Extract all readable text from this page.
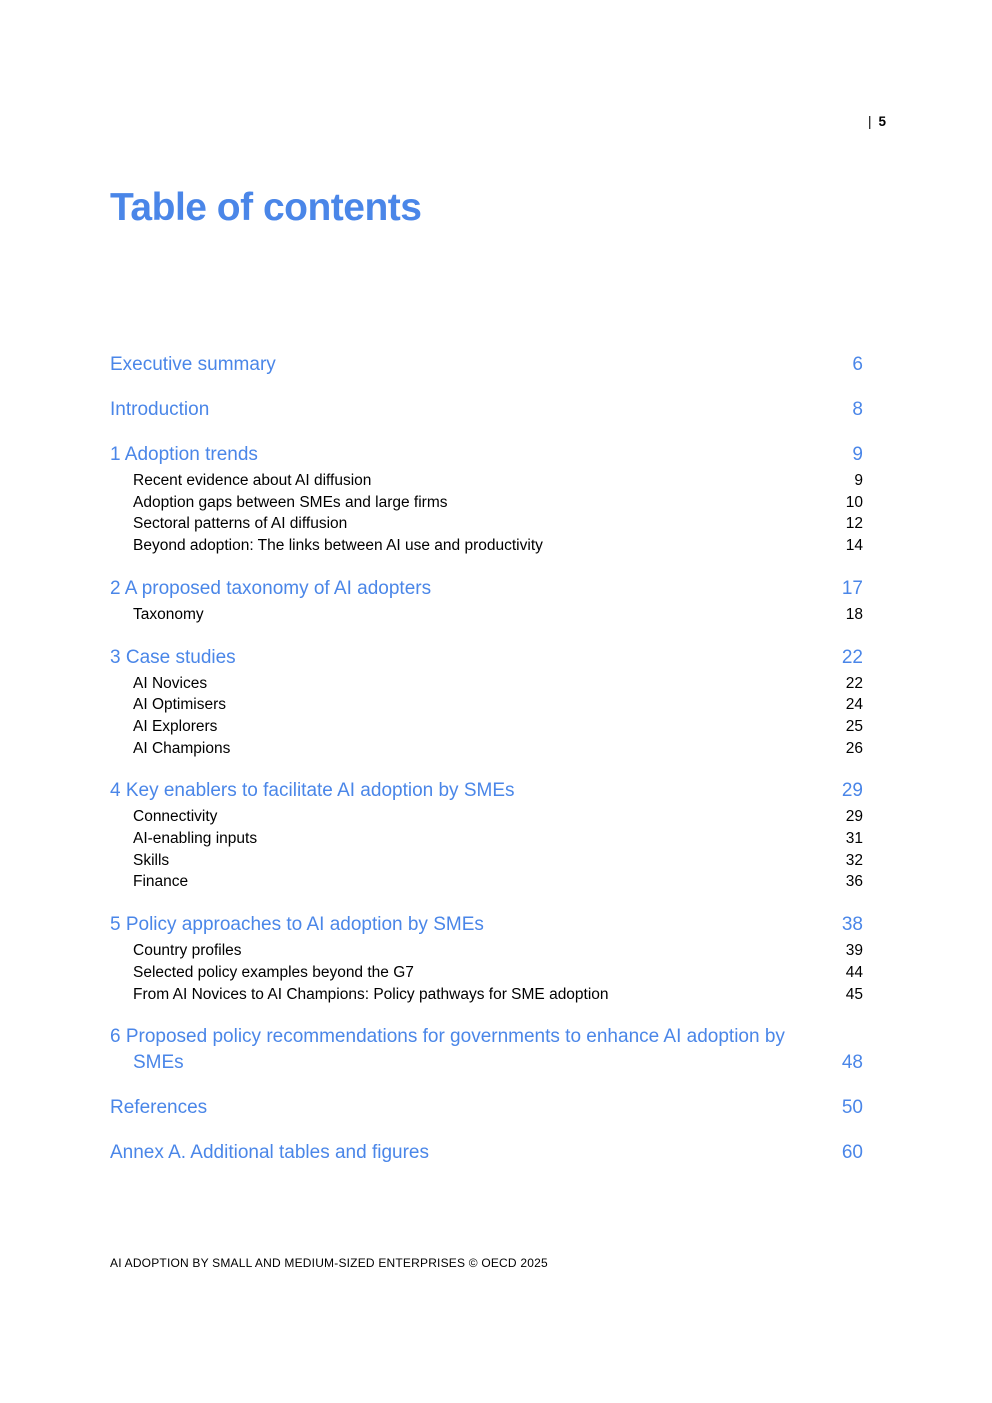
| 5
Table of contents
Executive summary	6
Introduction	8
1 Adoption trends	9
Recent evidence about AI diffusion	9
Adoption gaps between SMEs and large firms	10
Sectoral patterns of AI diffusion	12
Beyond adoption: The links between AI use and productivity	14
2 A proposed taxonomy of AI adopters	17
Taxonomy	18
3 Case studies	22
AI Novices	22
AI Optimisers	24
AI Explorers	25
AI Champions	26
4 Key enablers to facilitate AI adoption by SMEs	29
Connectivity	29
AI-enabling inputs	31
Skills	32
Finance	36
5 Policy approaches to AI adoption by SMEs	38
Country profiles	39
Selected policy examples beyond the G7	44
From AI Novices to AI Champions: Policy pathways for SME adoption	45
6 Proposed policy recommendations for governments to enhance AI adoption by SMEs	48
References	50
Annex A. Additional tables and figures	60
AI ADOPTION BY SMALL AND MEDIUM-SIZED ENTERPRISES © OECD 2025
